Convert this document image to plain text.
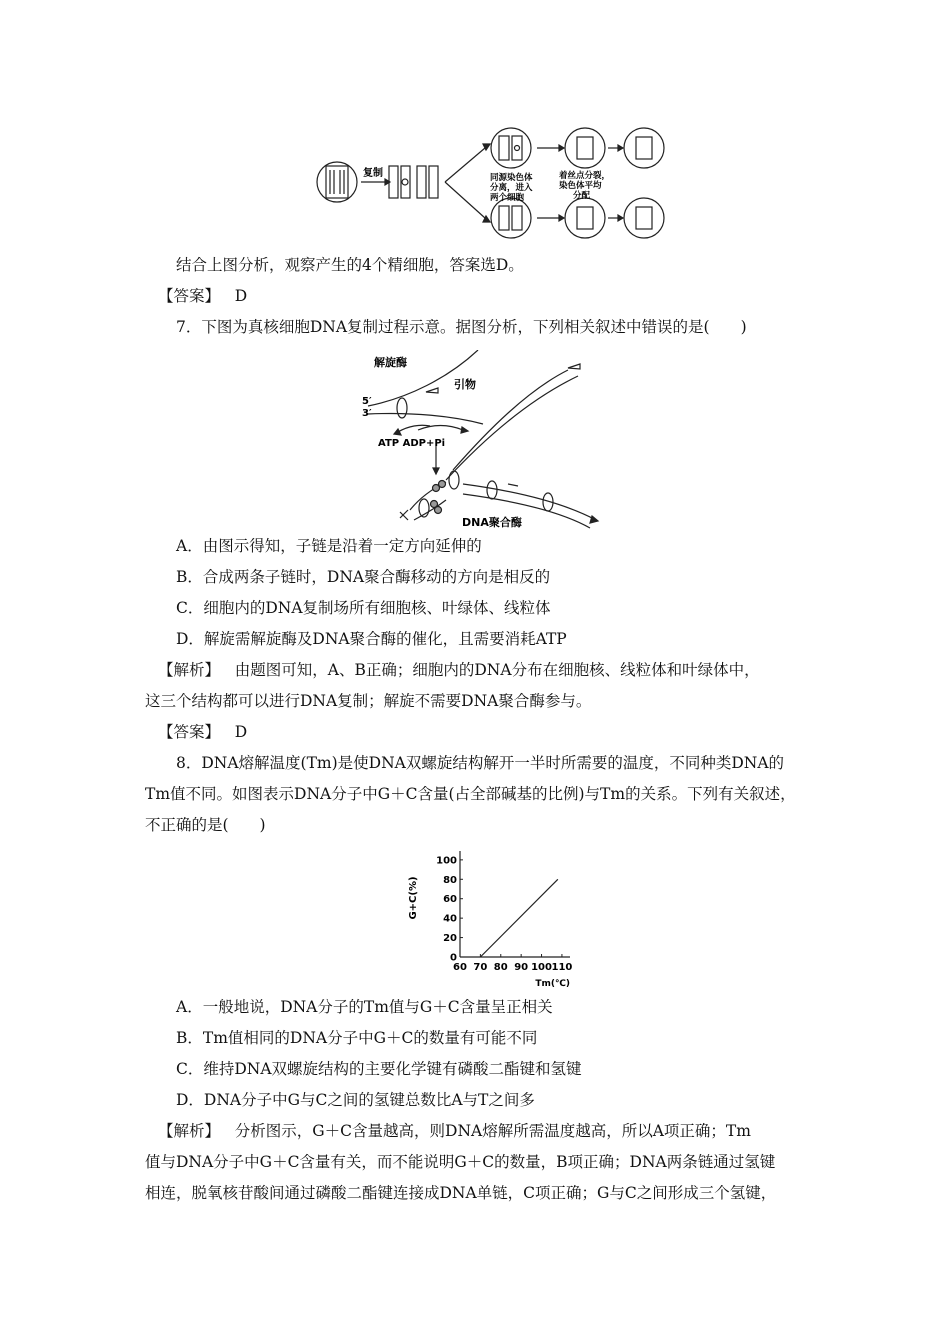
复制	同源染色体
分离，进入
两个细胞
着丝点分裂，
染色体平均
分配
结合上图分析，观察产生的4个精细胞，答案选D。
【答案】 D
7．下图为真核细胞DNA复制过程示意。据图分析，下列相关叙述中错误的是(　　)
解旋酶
引物
5′
3′
ATP ADP+Pi
DNA聚合酶
A．由图示得知，子链是沿着一定方向延伸的
B．合成两条子链时，DNA聚合酶移动的方向是相反的
C．细胞内的DNA复制场所有细胞核、叶绿体、线粒体
D．解旋需解旋酶及DNA聚合酶的催化，且需要消耗ATP
【解析】 由题图可知，A、B正确；细胞内的DNA分布在细胞核、线粒体和叶绿体中，
这三个结构都可以进行DNA复制；解旋不需要DNA聚合酶参与。
【答案】 D
8．DNA熔解温度(Tm)是使DNA双螺旋结构解开一半时所需要的温度，不同种类DNA的
Tm值不同。如图表示DNA分子中G＋C含量(占全部碱基的比例)与Tm的关系。下列有关叙述，
不正确的是(　　)
0
20
40
60
80
100
60 70 80 90 100 110
G+C(%)
Tm(℃)
A．一般地说，DNA分子的Tm值与G＋C含量呈正相关
B．Tm值相同的DNA分子中G＋C的数量有可能不同
C．维持DNA双螺旋结构的主要化学键有磷酸二酯键和氢键
D．DNA分子中G与C之间的氢键总数比A与T之间多
【解析】 分析图示，G＋C含量越高，则DNA熔解所需温度越高，所以A项正确；Tm
值与DNA分子中G＋C含量有关，而不能说明G＋C的数量，B项正确；DNA两条链通过氢键
相连，脱氧核苷酸间通过磷酸二酯键连接成DNA单链，C项正确；G与C之间形成三个氢键，
